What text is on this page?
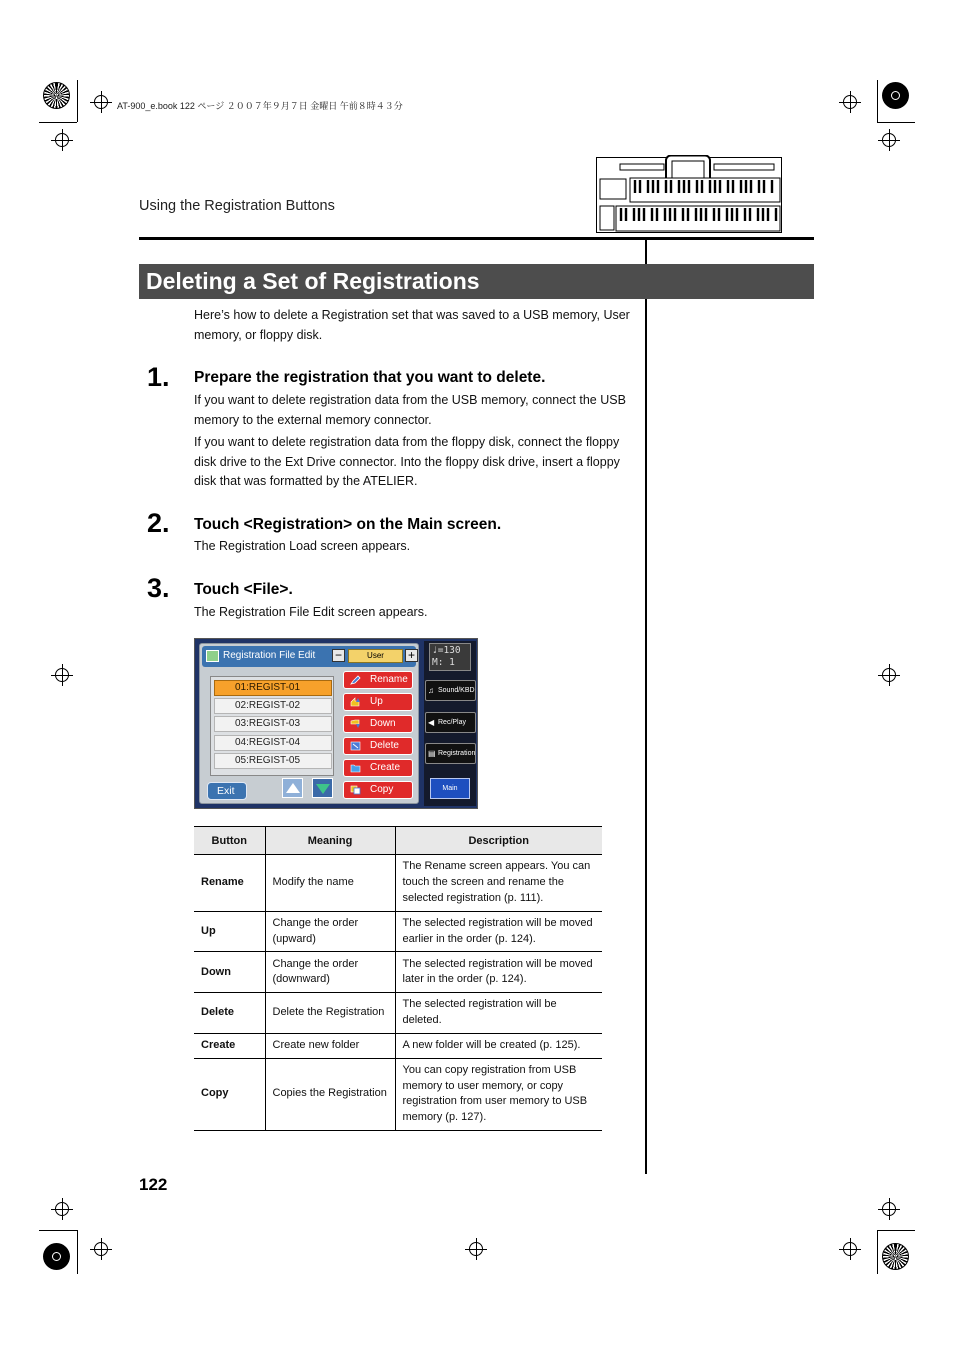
AT-900_e.book 122 ページ ２００７年９月７日 金曜日 午前８時４３分
Using the Registration Buttons
Deleting a Set of Registrations
Here’s how to delete a Registration set that was saved to a USB memory, User memory, or floppy disk.
1. Prepare the registration that you want to delete.
If you want to delete registration data from the USB memory, connect the USB memory to the external memory connector.
If you want to delete registration data from the floppy disk, connect the floppy disk drive to the Ext Drive connector. Into the floppy disk drive, insert a floppy disk that was formatted by the ATELIER.
2. Touch <Registration> on the Main screen.
The Registration Load screen appears.
3. Touch <File>.
The Registration File Edit screen appears.
Registration File Edit −	User	+
01:REGIST-01
02:REGIST-02
03:REGIST-03
04:REGIST-04
05:REGIST-05
Exit
Rename
Up
Down
Delete
Create
Copy
♩=130
M: 1
♫ Sound/KBD
◀ Rec/Play
▤ Registration
Main
Button	Meaning	Description
Rename	Modify the name	The Rename screen appears. You can touch the screen and rename the selected registration (p. 111).
Up	Change the order (upward)	The selected registration will be moved earlier in the order (p. 124).
Down	Change the order (downward)	The selected registration will be moved later in the order (p. 124).
Delete	Delete the Registration	The selected registration will be deleted.
Create	Create new folder	A new folder will be created (p. 125).
Copy	Copies the Registration	You can copy registration from USB memory to user memory, or copy registration from user memory to USB memory (p. 127).
122
